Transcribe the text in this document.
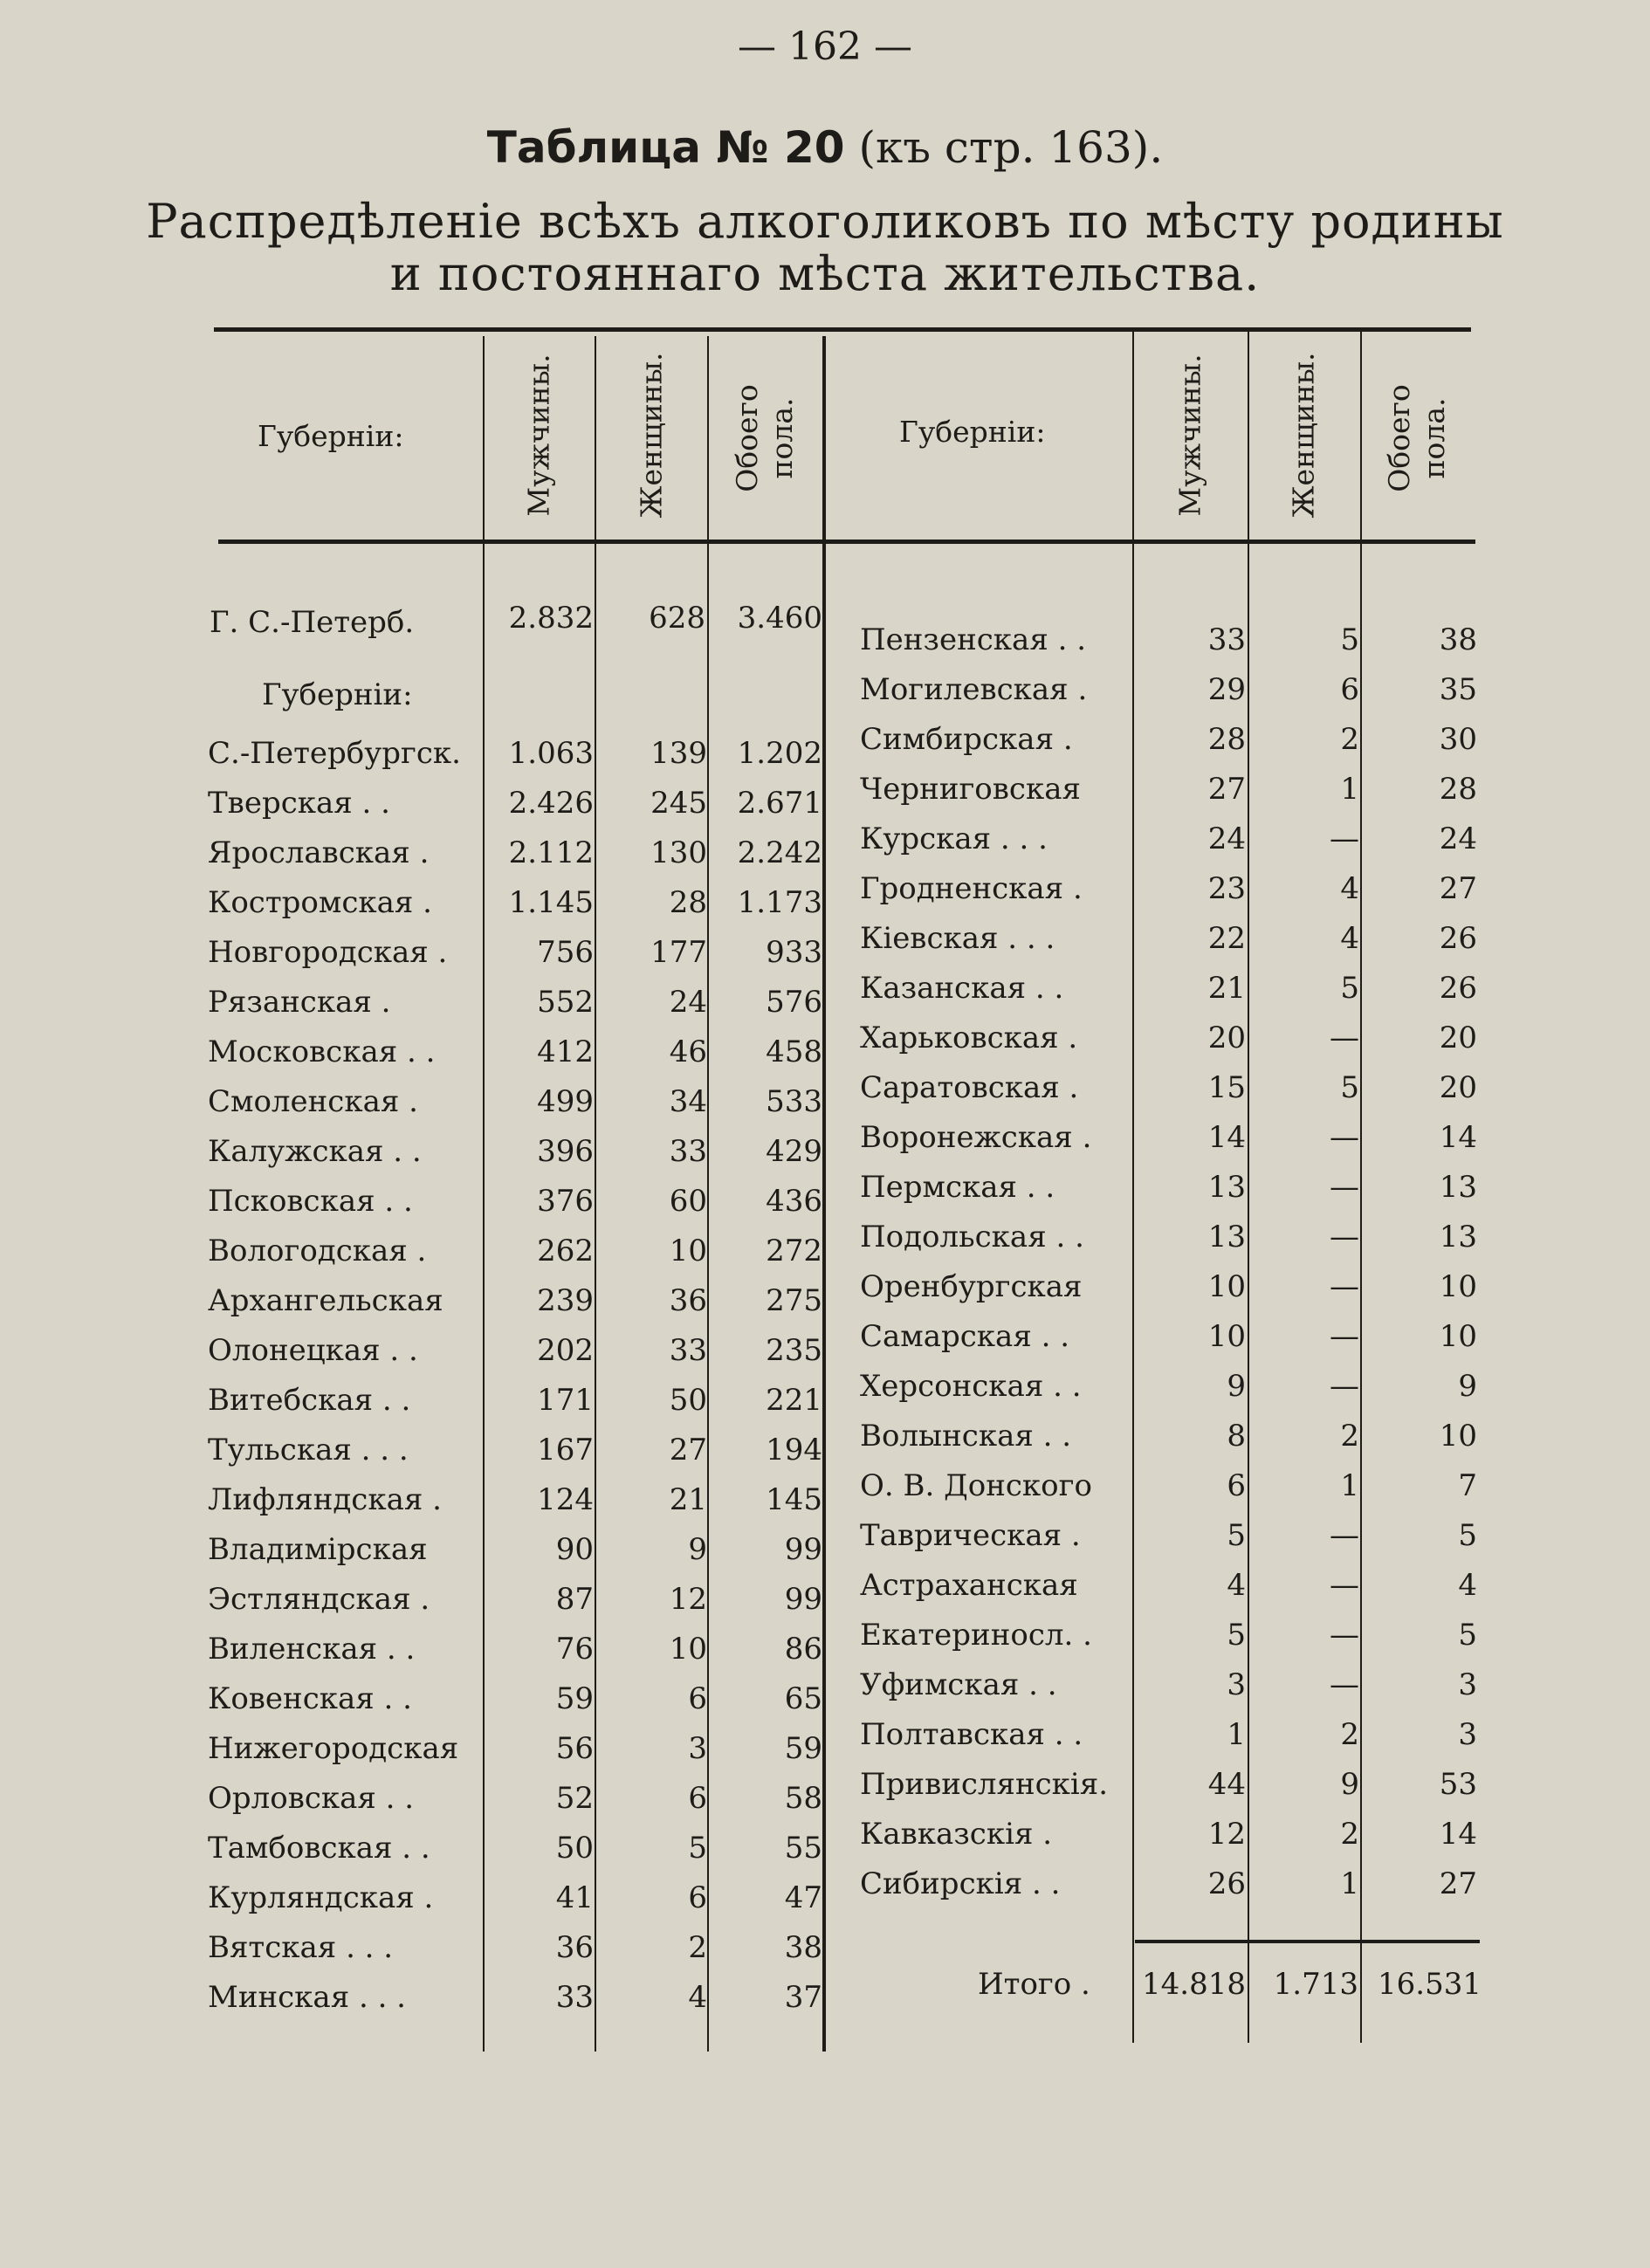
— 162 —
Таблица № 20 (къ стр. 163).
Распредѣленіе всѣхъ алкоголиковъ по мѣсту родины
и постояннаго мѣста жительства.
Губерніи:	Мужчины.	Женщины. Обоего пола.	Губерніи:	Мужчины.	Женщины. Обоего пола.
Г. С.-Петерб.	2.832	628	3.460
Губерніи:
С.-Петербургск.	1.063	139	1.202
Тверская . .	2.426	245	2.671
Ярославская .	2.112	130	2.242
Костромская .	1.145	28	1.173
Новгородская .	756	177	933
Рязанская .	552	24	576
Московская . .	412	46	458
Смоленская .	499	34	533
Калужская . .	396	33	429
Псковская . .	376	60	436
Вологодская .	262	10	272
Архангельская	239	36	275
Олонецкая . .	202	33	235
Витебская . .	171	50	221
Тульская . . .	167	27	194
Лифляндская .	124	21	145
Владимірская	90	9	99
Эстляндская .	87	12	99
Виленская . .	76	10	86
Ковенская . .	59	6	65
Нижегородская	56	3	59
Орловская . .	52	6	58
Тамбовская . .	50	5	55
Курляндская .	41	6	47
Вятская . . .	36	2	38
Минская . . .	33	4	37
Пензенская . .	33	5	38
Могилевская .	29	6	35
Симбирская .	28	2	30
Черниговская	27	1	28
Курская . . .	24	—	24
Гродненская .	23	4	27
Кіевская . . .	22	4	26
Казанская . .	21	5	26
Харьковская .	20	—	20
Саратовская .	15	5	20
Воронежская .	14	—	14
Пермская . .	13	—	13
Подольская . .	13	—	13
Оренбургская	10	—	10
Самарская . .	10	—	10
Херсонская . .	9	—	9
Волынская . .	8	2	10
О. В. Донского	6	1	7
Таврическая .	5	—	5
Астраханская	4	—	4
Екатериносл. .	5	—	5
Уфимская . .	3	—	3
Полтавская . .	1	2	3
Привислянскія.	44	9	53
Кавказскія .	12	2	14
Сибирскія . .	26	1	27
Итого .	14.818 1.713 16.531
